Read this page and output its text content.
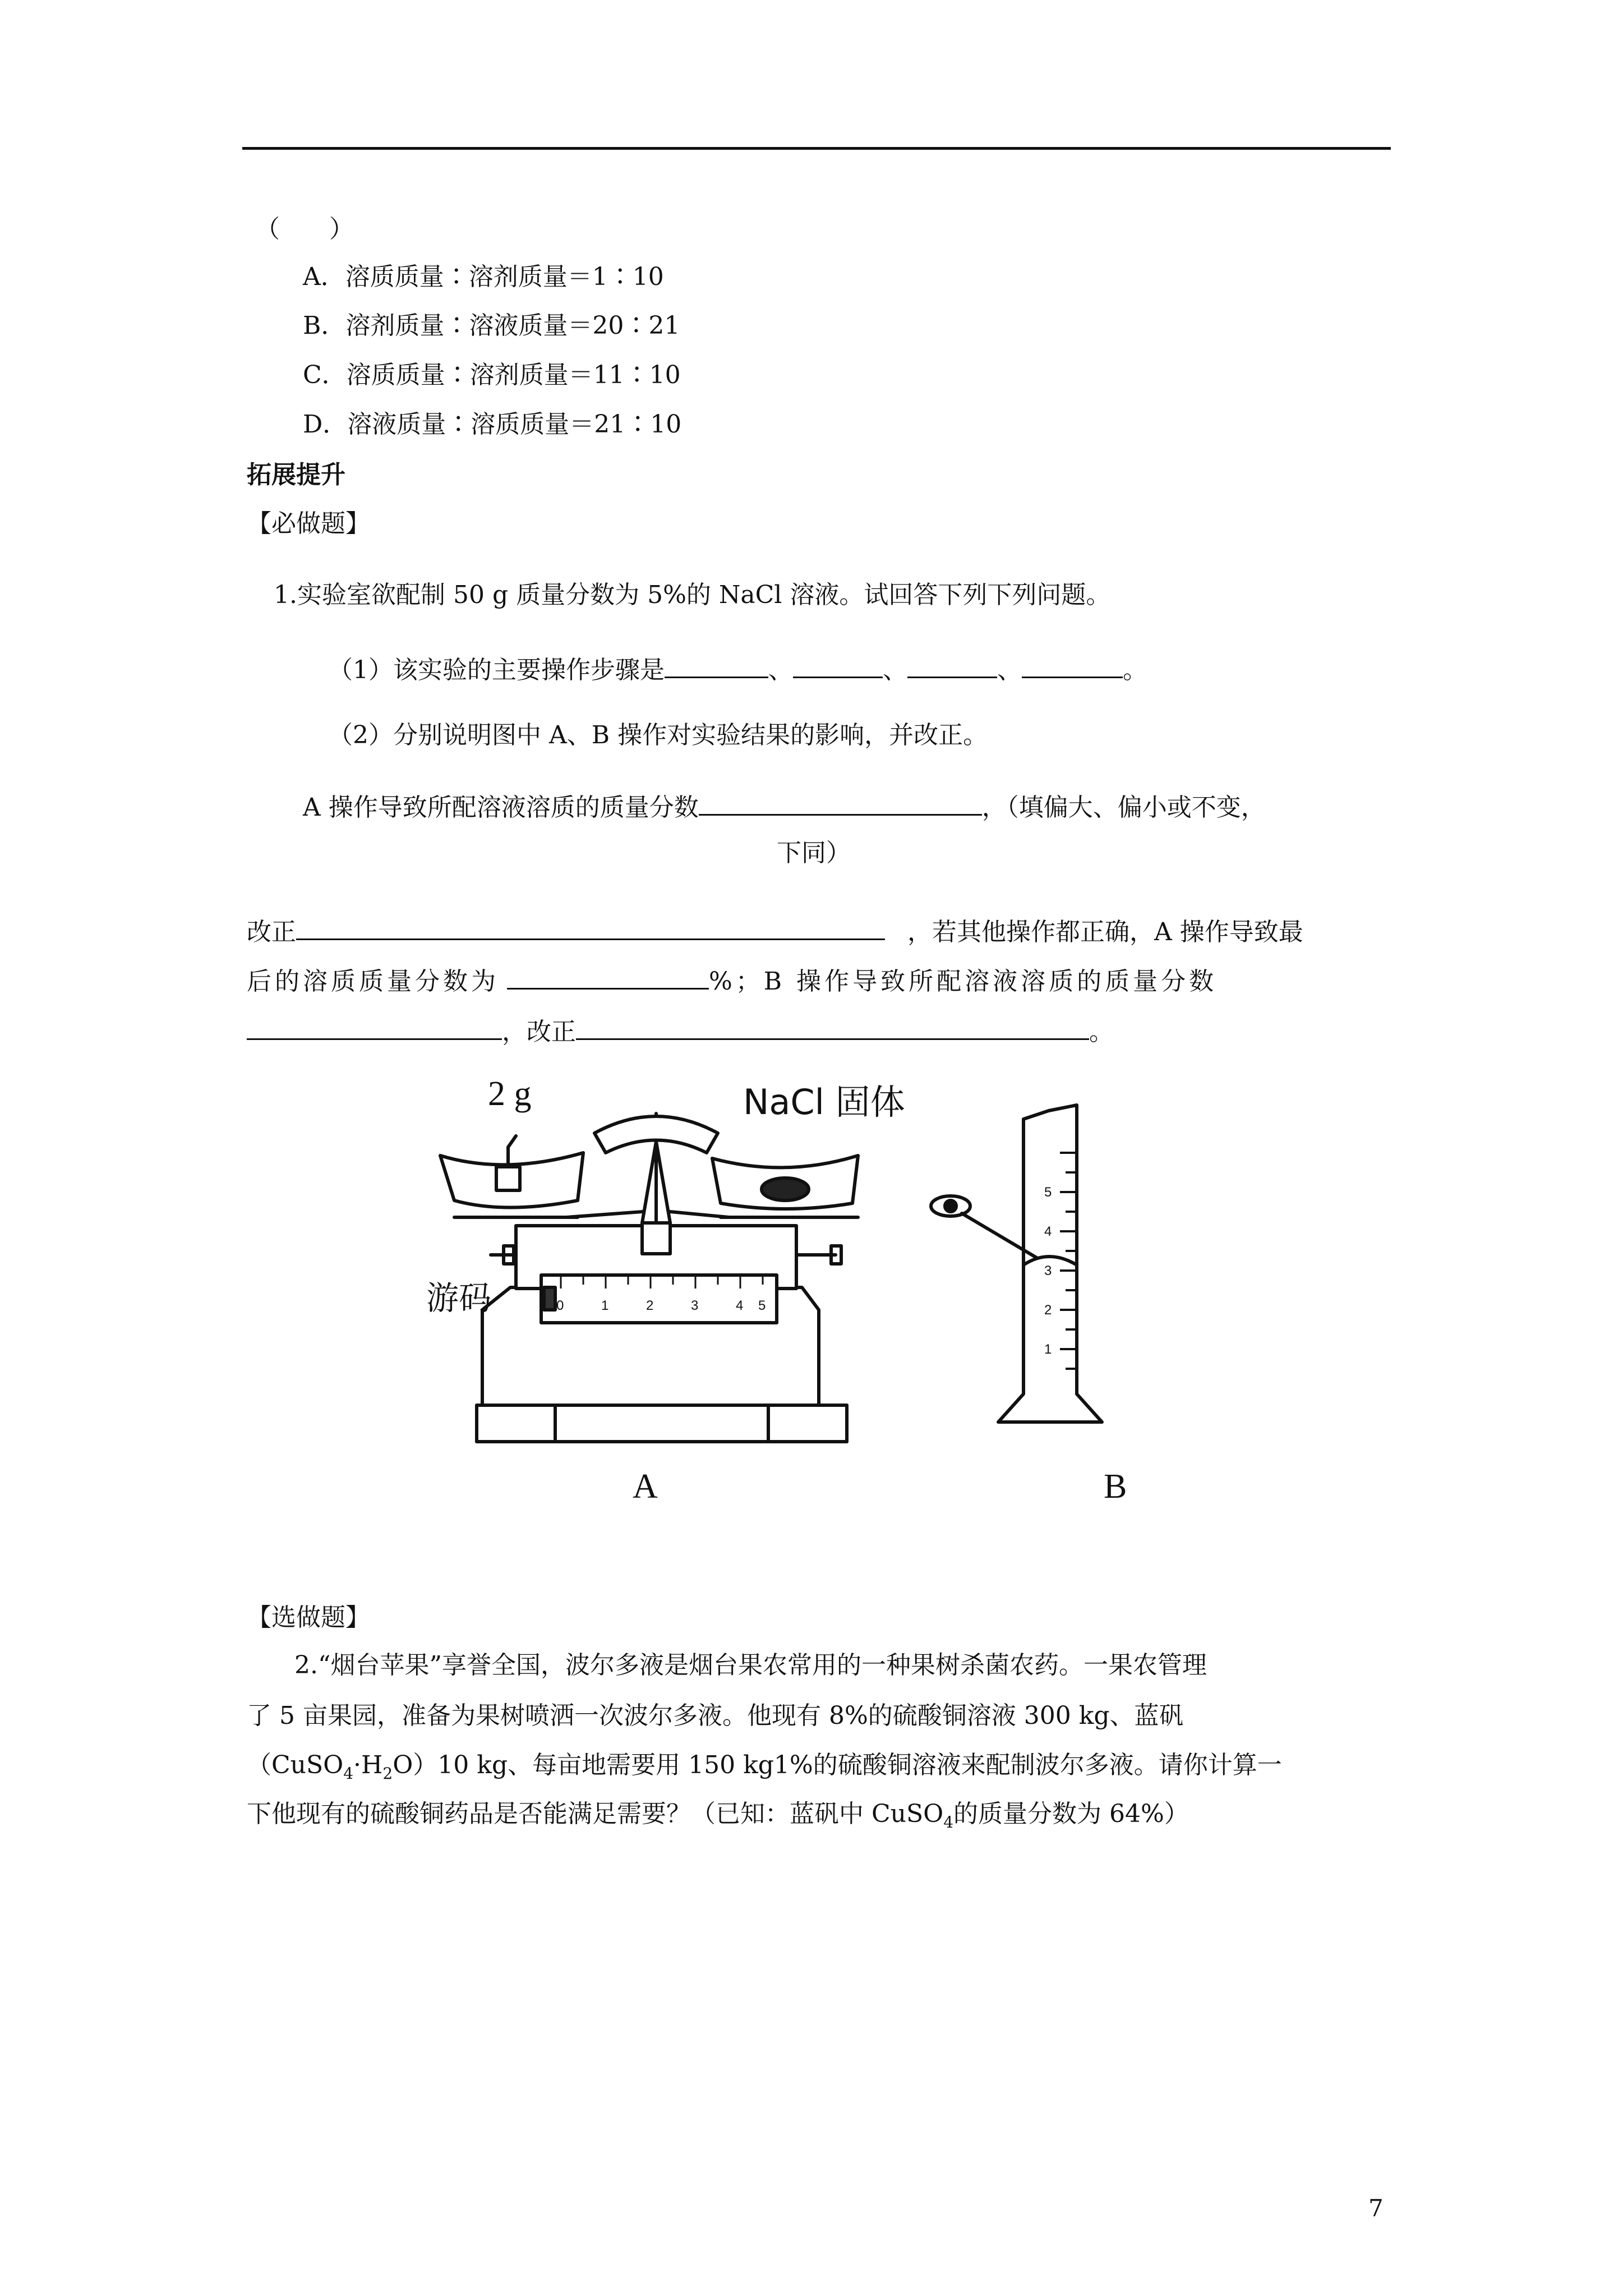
（　　）
A．溶质质量∶溶剂质量＝1∶10
B．溶剂质量∶溶液质量＝20∶21
C．溶质质量∶溶剂质量＝11∶10
D．溶液质量∶溶质质量＝21∶10
拓展提升
【必做题】
1.实验室欲配制 50 g 质量分数为 5%的 NaCl 溶液。试回答下列下列问题。
（1）该实验的主要操作步骤是	、	、	、	。
（2）分别说明图中 A、B 操作对实验结果的影响，并改正。
A 操作导致所配溶液溶质的质量分数	，（填偏大、偏小或不变，
下同）
改正	，若其他操作都正确，A 操作导致最
后的溶质质量分数为	%；B 操作导致所配溶液溶质的质量分数
，改正	。
0	1	2	3	4 5
1
2
3
4
5
2 g	NaCl 固体
游码
A	B
【选做题】
2.“烟台苹果”享誉全国，波尔多液是烟台果农常用的一种果树杀菌农药。一果农管理
了 5 亩果园，准备为果树喷洒一次波尔多液。他现有 8%的硫酸铜溶液 300 kg、蓝矾
$(CuSO_4\cdot H_2O)10$ kg、每亩地需要用 150 kg1%的硫酸铜溶液来配制波尔多液。请你计算一
下他现有的硫酸铜药品是否能满足需要？（已知：蓝矾中 CuSO$_4$的质量分数为 64%）
7
